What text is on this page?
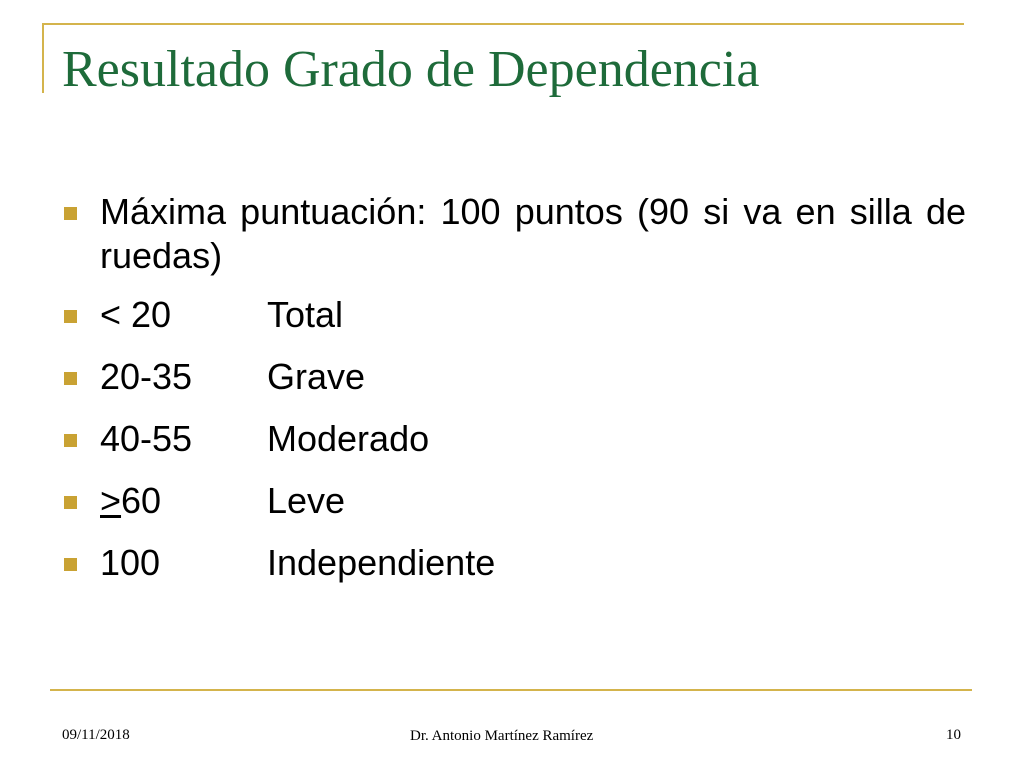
Resultado Grado de Dependencia
Máxima puntuación: 100 puntos (90 si va en silla de ruedas)
< 20	Total
20-35 Grave
40-55 Moderado
>60	Leve
100	Independiente
09/11/2018	Dr. Antonio Martínez Ramírez	10
